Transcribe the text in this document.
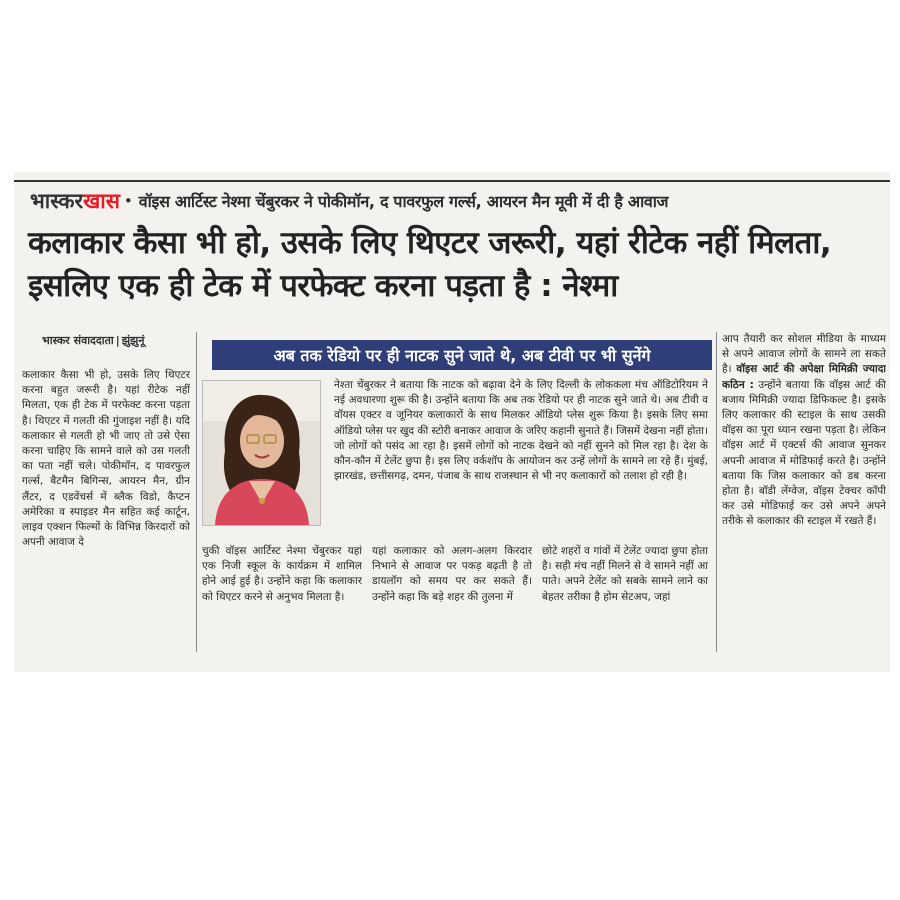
भास्कर खास • वॉइस आर्टिस्ट नेश्मा चेंबुरकर ने पोकीमॉन, द पावरफुल गर्ल्स, आयरन मैन मूवी में दी है आवाज
कलाकार कैसा भी हो, उसके लिए थिएटर जरूरी, यहां रीटेक नहीं मिलता, इसलिए एक ही टेक में परफेक्ट करना पड़ता है : नेश्मा
भास्कर संवाददाता | झुंझुनूं
अब तक रेडियो पर ही नाटक सुने जाते थे, अब टीवी पर भी सुनेंगे
कलाकार कैसा भी हो, उसके लिए थिएटर करना बहुत जरूरी है। यहां रीटेक नहीं मिलता, एक ही टेक में परफेक्ट करना पड़ता है। थिएटर में गलती की गुंजाइश नहीं है। यदि कलाकार से गलती हो भी जाए तो उसे ऐसा करना चाहिए कि सामने वाले को उस गलती का पता नहीं चले। पोकीमॉन, द पावरफुल गर्ल्स, बैटमैन बिगिन्स, आयरन मैन, ग्रीन लैंटर, द एडवेंचर्स में ब्लैक विडो, कैप्टन अमेरिका व स्पाइडर मैन सहित कई कार्टून, लाइव एक्शन फिल्मों के विभिन्न किरदारों को अपनी आवाज दे
नेश्ता चेंबुरकर ने बताया कि नाटक को बढ़ावा देने के लिए दिल्ली के लोककला मंच ऑडिटोरियम ने नई अवधारणा शुरू की है। उन्होंने बताया कि अब तक रेडियो पर ही नाटक सुने जाते थे। अब टीवी व वॉयस एक्टर व जूनियर कलाकारों के साथ मिलकर ऑडियो प्लेस शुरू किया है। इसके लिए समा ऑडियो प्लेस पर खुद की स्टोरी बनाकर आवाज के जरिए कहानी सुनाते हैं। जिसमें देखना नहीं होता। जो लोगों को पसंद आ रहा है। इसमें लोगों को नाटक देखने को नहीं सुनने को मिल रहा है। देश के कौन-कौन में टेलेंट छुपा है। इस लिए वर्कशॉप के आयोजन कर उन्हें लोगों के सामने ला रहे हैं। मुंबई, झारखंड, छत्तीसगढ़, दमन, पंजाब के साथ राजस्थान से भी नए कलाकारों को तलाश हो रही है।
चुकी वॉइस आर्टिस्ट नेश्मा चेंबुरकर यहां एक निजी स्कूल के कार्यक्रम में शामिल होने आई हुई है। उन्होंने कहा कि कलाकार को थिएटर करने से अनुभव मिलता है।
यहां कलाकार को अलग-अलग किरदार निभाने से आवाज पर पकड़ बढ़ती है तो डायलॉग को समय पर कर सकते हैं। उन्होंने कहा कि बड़े शहर की तुलना में
छोटे शहरों व गांवों में टेलेंट ज्यादा छुपा होता है। सही मंच नहीं मिलने से वे सामने नहीं आ पाते। अपने टेलेंट को सबके सामने लाने का बेहतर तरीका है होम सेटअप, जहां
आप तैयारी कर सोशल मीडिया के माध्यम से अपने आवाज लोगों के सामने ला सकते है। वॉइस आर्ट की अपेक्षा मिमिक्री ज्यादा कठिन : उन्होंने बताया कि वॉइस आर्ट की बजाय मिमिक्री ज्यादा डिफिकल्ट है। इसके लिए कलाकार की स्टाइल के साथ उसकी वॉइस का पूरा ध्यान रखना पड़ता है। लेकिन वॉइस आर्ट में एक्टर्स की आवाज सुनकर अपनी आवाज में मोडिफाई करते है। उन्होंने बताया कि जिस कलाकार को डब करना होता है। बॉडी लेंग्वेज, वॉइस टेक्चर कॉपी कर उसे मोडिफाई कर उसे अपने अपने तरीके से कलाकार की स्टाइल में रखते हैं।
